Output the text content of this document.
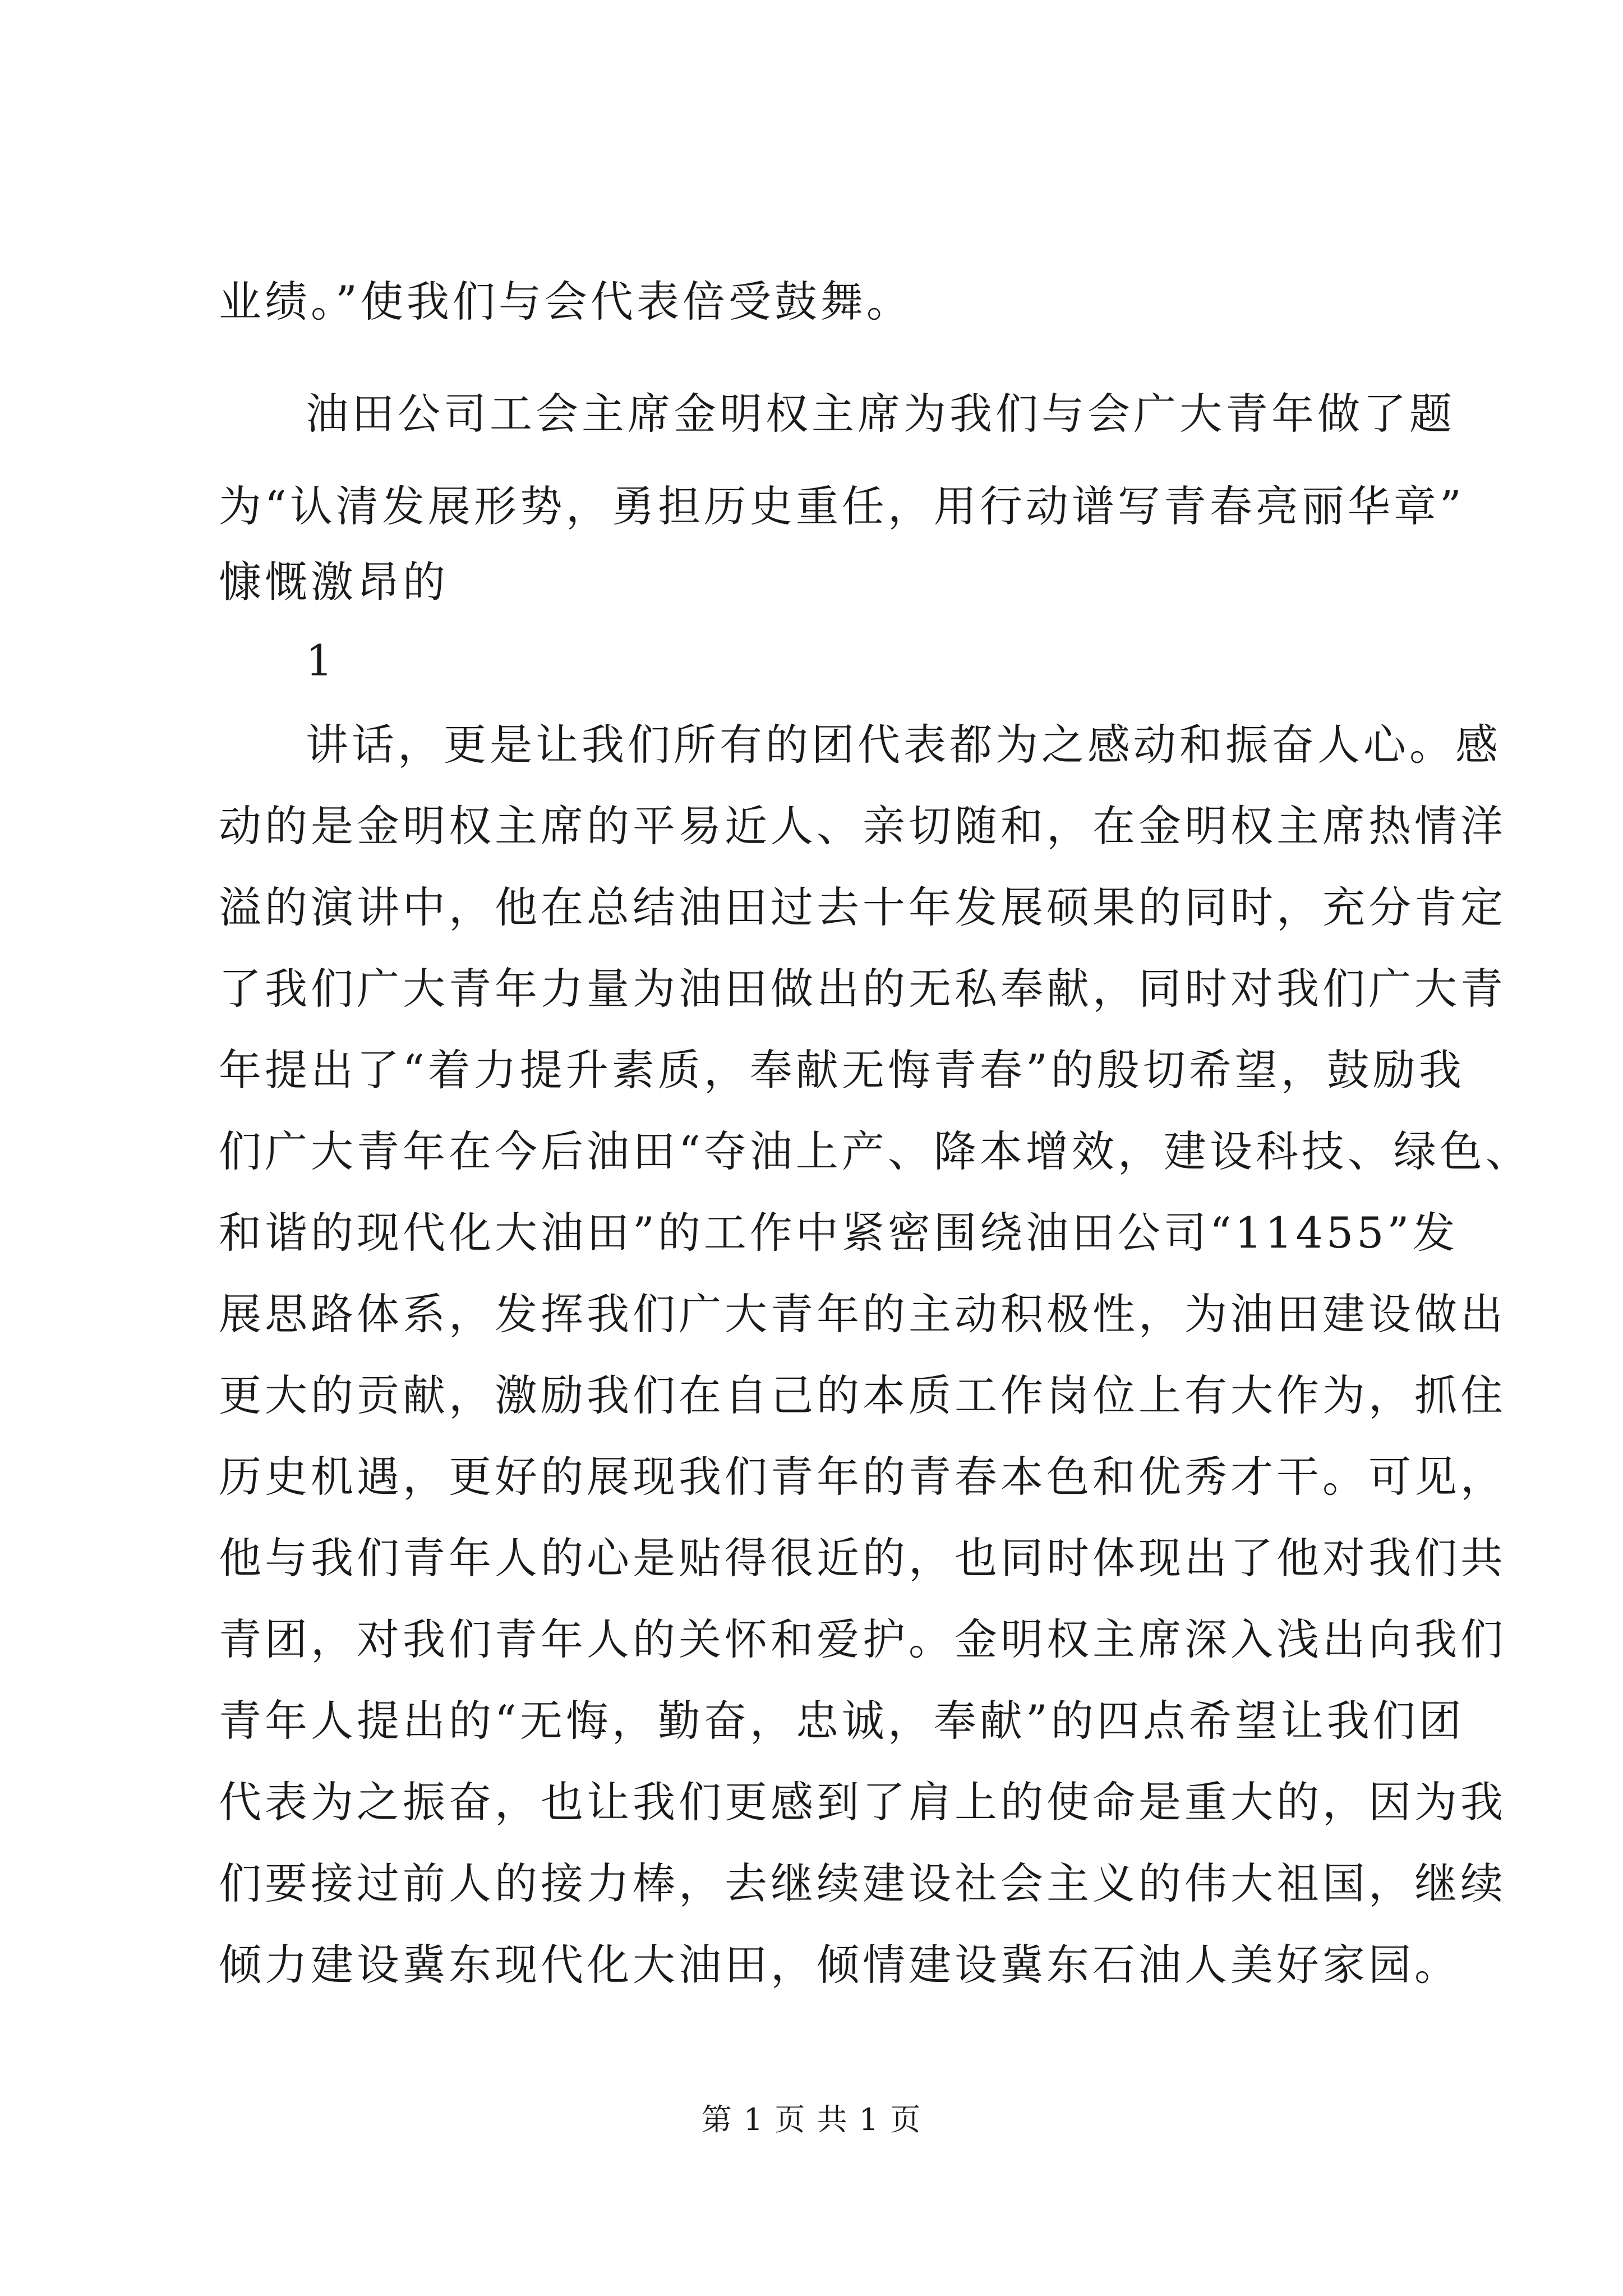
业绩。”使我们与会代表倍受鼓舞。
油田公司工会主席金明权主席为我们与会广大青年做了题
为“认清发展形势，勇担历史重任，用行动谱写青春亮丽华章”
慷慨激昂的
1
讲话，更是让我们所有的团代表都为之感动和振奋人心。感
动的是金明权主席的平易近人、亲切随和，在金明权主席热情洋
溢的演讲中，他在总结油田过去十年发展硕果的同时，充分肯定
了我们广大青年力量为油田做出的无私奉献，同时对我们广大青
年提出了“着力提升素质，奉献无悔青春”的殷切希望，鼓励我
们广大青年在今后油田“夺油上产、降本增效，建设科技、绿色、
和谐的现代化大油田”的工作中紧密围绕油田公司“11455”发
展思路体系，发挥我们广大青年的主动积极性，为油田建设做出
更大的贡献，激励我们在自己的本质工作岗位上有大作为，抓住
历史机遇，更好的展现我们青年的青春本色和优秀才干。可见，
他与我们青年人的心是贴得很近的，也同时体现出了他对我们共
青团，对我们青年人的关怀和爱护。金明权主席深入浅出向我们
青年人提出的“无悔，勤奋，忠诚，奉献”的四点希望让我们团
代表为之振奋，也让我们更感到了肩上的使命是重大的，因为我
们要接过前人的接力棒，去继续建设社会主义的伟大祖国，继续
倾力建设冀东现代化大油田，倾情建设冀东石油人美好家园。
第 1 页 共 1 页
